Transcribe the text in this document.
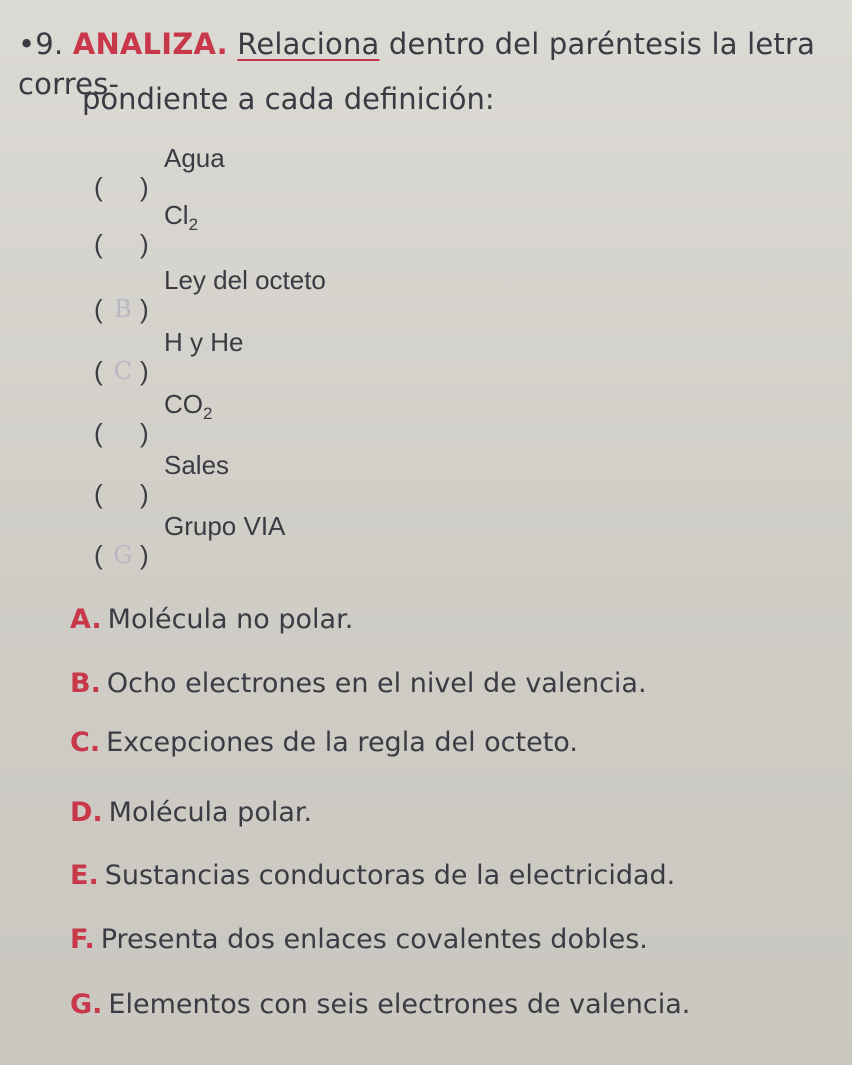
•9. ANALIZA. Relaciona dentro del paréntesis la letra corres-
pondiente a cada definición:
( )
Agua
( )
$Cl_2$
( B )
Ley del octeto
( C )
H y He
( )
$CO_2$
( )
Sales
( G )
Grupo VIA
A. Molécula no polar.
B. Ocho electrones en el nivel de valencia.
C. Excepciones de la regla del octeto.
D. Molécula polar.
E. Sustancias conductoras de la electricidad.
F. Presenta dos enlaces covalentes dobles.
G. Elementos con seis electrones de valencia.
